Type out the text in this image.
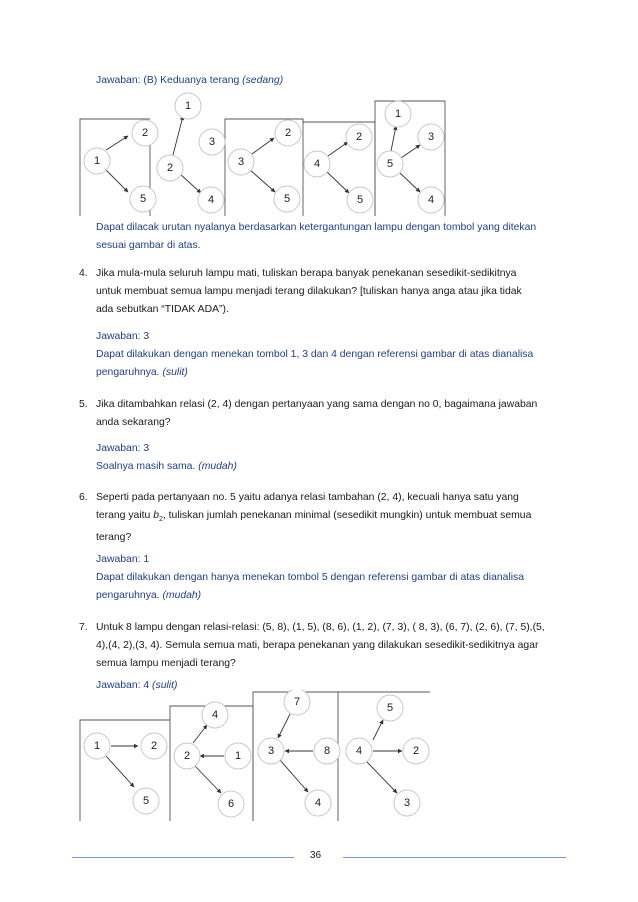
Jawaban: (B) Keduanya terang (sedang)
1
2
5
1
2
3
4
3
2
5
4
2
5
1
3
5
4
Dapat dilacak urutan nyalanya berdasarkan ketergantungan lampu dengan tombol yang ditekan
sesuai gambar di atas.
4. Jika mula-mula seluruh lampu mati, tuliskan berapa banyak penekanan sesedikit-sedikitnya
untuk membuat semua lampu menjadi terang dilakukan? [tuliskan hanya anga atau jika tidak
ada sebutkan “TIDAK ADA”).
Jawaban: 3
Dapat dilakukan dengan menekan tombol 1, 3 dan 4 dengan referensi gambar di atas dianalisa
pengaruhnya. (sulit)
5. Jika ditambahkan relasi (2, 4) dengan pertanyaan yang sama dengan no 0, bagaimana jawaban
anda sekarang?
Jawaban: 3
Soalnya masih sama. (mudah)
6. Seperti pada pertanyaan no. 5 yaitu adanya relasi tambahan (2, 4), kecuali hanya satu yang
terang yaitu $b_2$, tuliskan jumlah penekanan minimal (sesedikit mungkin) untuk membuat semua
terang?
Jawaban: 1
Dapat dilakukan dengan hanya menekan tombol 5 dengan referensi gambar di atas dianalisa
pengaruhnya. (mudah)
7. Untuk 8 lampu dengan relasi-relasi: (5, 8), (1, 5), (8, 6), (1, 2), (7, 3), ( 8, 3), (6, 7), (2, 6), (7, 5),(5,
4),(4, 2),(3, 4). Semula semua mati, berapa penekanan yang dilakukan sesedikit-sedikitnya agar
semua lampu menjadi terang?
Jawaban: 4 (sulit)
1	2
5
4
2	1
6
7
3	8
4
5
4	2
3
36
